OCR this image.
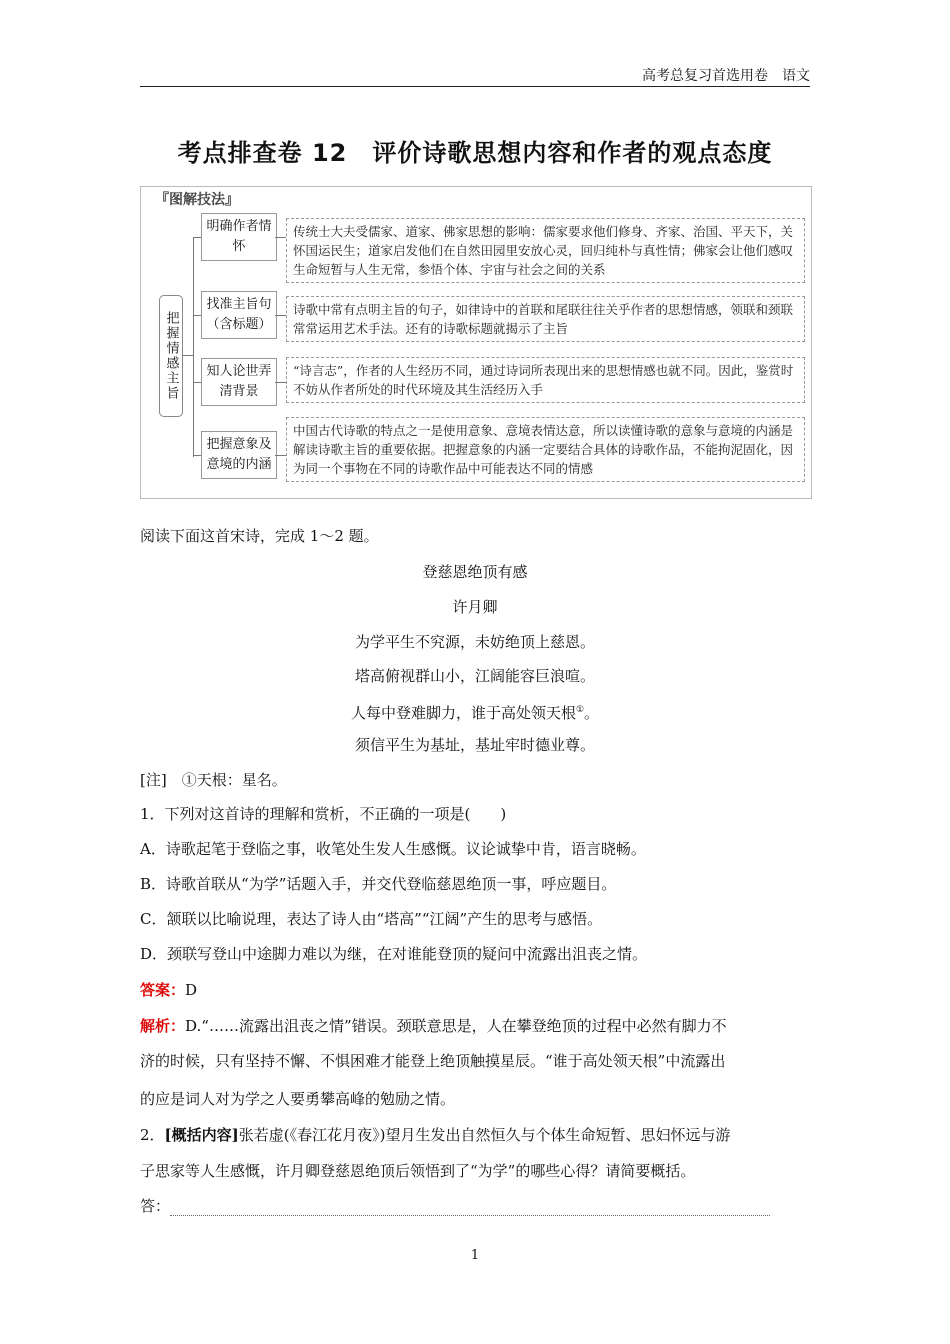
高考总复习首选用卷　语文
考点排查卷 12　评价诗歌思想内容和作者的观点态度
『图解技法』
把握情感主旨
明确作者情怀
传统士大夫受儒家、道家、佛家思想的影响：儒家要求他们修身、齐家、治国、平天下，关怀国运民生；道家启发他们在自然田园里安放心灵，回归纯朴与真性情；佛家会让他们感叹生命短暂与人生无常，参悟个体、宇宙与社会之间的关系
找准主旨句（含标题）
诗歌中常有点明主旨的句子，如律诗中的首联和尾联往往关乎作者的思想情感，领联和颈联常常运用艺术手法。还有的诗歌标题就揭示了主旨
知人论世弄清背景
“诗言志”，作者的人生经历不同，通过诗词所表现出来的思想情感也就不同。因此，鉴赏时不妨从作者所处的时代环境及其生活经历入手
把握意象及意境的内涵
中国古代诗歌的特点之一是使用意象、意境表情达意，所以读懂诗歌的意象与意境的内涵是解读诗歌主旨的重要依据。把握意象的内涵一定要结合具体的诗歌作品，不能拘泥固化，因为同一个事物在不同的诗歌作品中可能表达不同的情感
阅读下面这首宋诗，完成 1～2 题。
登慈恩绝顶有感
许月卿
为学平生不究源，未妨绝顶上慈恩。
塔高俯视群山小，江阔能容巨浪喧。
人每中登难脚力，谁于高处领天根①。
须信平生为基址，基址牢时德业尊。
[注]　①天根：星名。
1．下列对这首诗的理解和赏析，不正确的一项是(　　)
A．诗歌起笔于登临之事，收笔处生发人生感慨。议论诚挚中肯，语言晓畅。
B．诗歌首联从“为学”话题入手，并交代登临慈恩绝顶一事，呼应题目。
C．颔联以比喻说理，表达了诗人由“塔高”“江阔”产生的思考与感悟。
D．颈联写登山中途脚力难以为继，在对谁能登顶的疑问中流露出沮丧之情。
答案：D
解析：D.“……流露出沮丧之情”错误。颈联意思是，人在攀登绝顶的过程中必然有脚力不
济的时候，只有坚持不懈、不惧困难才能登上绝顶触摸星辰。“谁于高处领天根”中流露出
的应是词人对为学之人要勇攀高峰的勉励之情。
2．[概括内容]张若虚(《春江花月夜》)望月生发出自然恒久与个体生命短暂、思妇怀远与游
子思家等人生感慨，许月卿登慈恩绝顶后领悟到了“为学”的哪些心得？请简要概括。
答：
1
